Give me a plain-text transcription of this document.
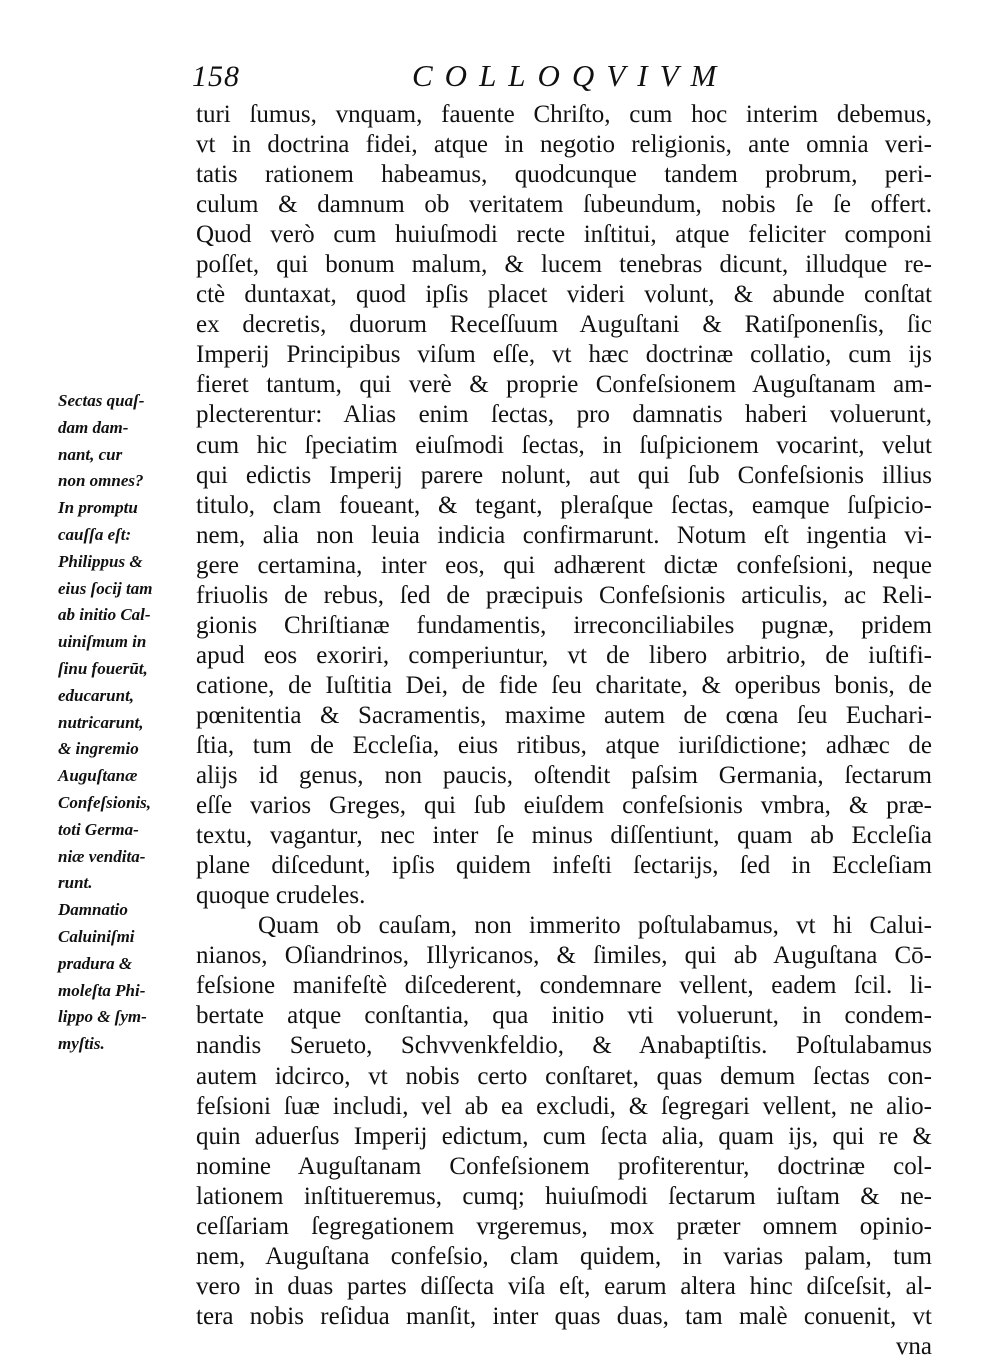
158	COLLOQVIVM
Sectas quaſ-
dam dam-
nant, cur
non omnes?
In promptu
cauſſa eſt:
Philippus &
eius ſocij tam
ab initio Cal-
uiniſmum in
ſinu fouerūt,
educarunt,
nutricarunt,
& ingremio
Auguſtanæ
Confeſsionis,
toti Germa-
niæ vendita-
runt.
Damnatio
Caluiniſmi
pradura &
moleſta Phi-
lippo & ſym-
myſtis.
turi ſumus, vnquam, fauente Chriſto, cum hoc interim debemus,
vt in doctrina fidei, atque in negotio religionis, ante omnia veri-
tatis rationem habeamus, quodcunque tandem probrum, peri-
culum & damnum ob veritatem ſubeundum, nobis ſe ſe offert.
Quod verò cum huiuſmodi recte inſtitui, atque feliciter componi
poſſet, qui bonum malum, & lucem tenebras dicunt, illudque re-
ctè duntaxat, quod ipſis placet videri volunt, & abunde conſtat
ex decretis, duorum Receſſuum Auguſtani & Ratiſponenſis, ſic
Imperij Principibus viſum eſſe, vt hæc doctrinæ collatio, cum ijs
fieret tantum, qui verè & proprie Confeſsionem Auguſtanam am-
plecterentur: Alias enim ſectas, pro damnatis haberi voluerunt,
cum hic ſpeciatim eiuſmodi ſectas, in ſuſpicionem vocarint, velut
qui edictis Imperij parere nolunt, aut qui ſub Confeſsionis illius
titulo, clam foueant, & tegant, pleraſque ſectas, eamque ſuſpicio-
nem, alia non leuia indicia confirmarunt. Notum eſt ingentia vi-
gere certamina, inter eos, qui adhærent dictæ confeſsioni, neque
friuolis de rebus, ſed de præcipuis Confeſsionis articulis, ac Reli-
gionis Chriſtianæ fundamentis, irreconciliabiles pugnæ, pridem
apud eos exoriri, comperiuntur, vt de libero arbitrio, de iuſtifi-
catione, de Iuſtitia Dei, de fide ſeu charitate, & operibus bonis, de
pœnitentia & Sacramentis, maxime autem de cœna ſeu Euchari-
ſtia, tum de Eccleſia, eius ritibus, atque iuriſdictione; adhæc de
alijs id genus, non paucis, oſtendit paſsim Germania, ſectarum
eſſe varios Greges, qui ſub eiuſdem confeſsionis vmbra, & præ-
textu, vagantur, nec inter ſe minus diſſentiunt, quam ab Eccleſia
plane diſcedunt, ipſis quidem infeſti ſectarijs, ſed in Eccleſiam
quoque crudeles.
Quam ob cauſam, non immerito poſtulabamus, vt hi Calui-
nianos, Oſiandrinos, Illyricanos, & ſimiles, qui ab Auguſtana Cō-
feſsione manifeſtè diſcederent, condemnare vellent, eadem ſcil. li-
bertate atque conſtantia, qua initio vti voluerunt, in condem-
nandis Serueto, Schvvenkfeldio, & Anabaptiſtis. Poſtulabamus
autem idcirco, vt nobis certo conſtaret, quas demum ſectas con-
feſsioni ſuæ includi, vel ab ea excludi, & ſegregari vellent, ne alio-
quin aduerſus Imperij edictum, cum ſecta alia, quam ijs, qui re &
nomine Auguſtanam Confeſsionem profiterentur, doctrinæ col-
lationem inſtitueremus, cumq; huiuſmodi ſectarum iuſtam & ne-
ceſſariam ſegregationem vrgeremus, mox præter omnem opinio-
nem, Auguſtana confeſsio, clam quidem, in varias palam, tum
vero in duas partes diſſecta viſa eſt, earum altera hinc diſceſsit, al-
tera nobis reſidua manſit, inter quas duas, tam malè conuenit, vt
vna
